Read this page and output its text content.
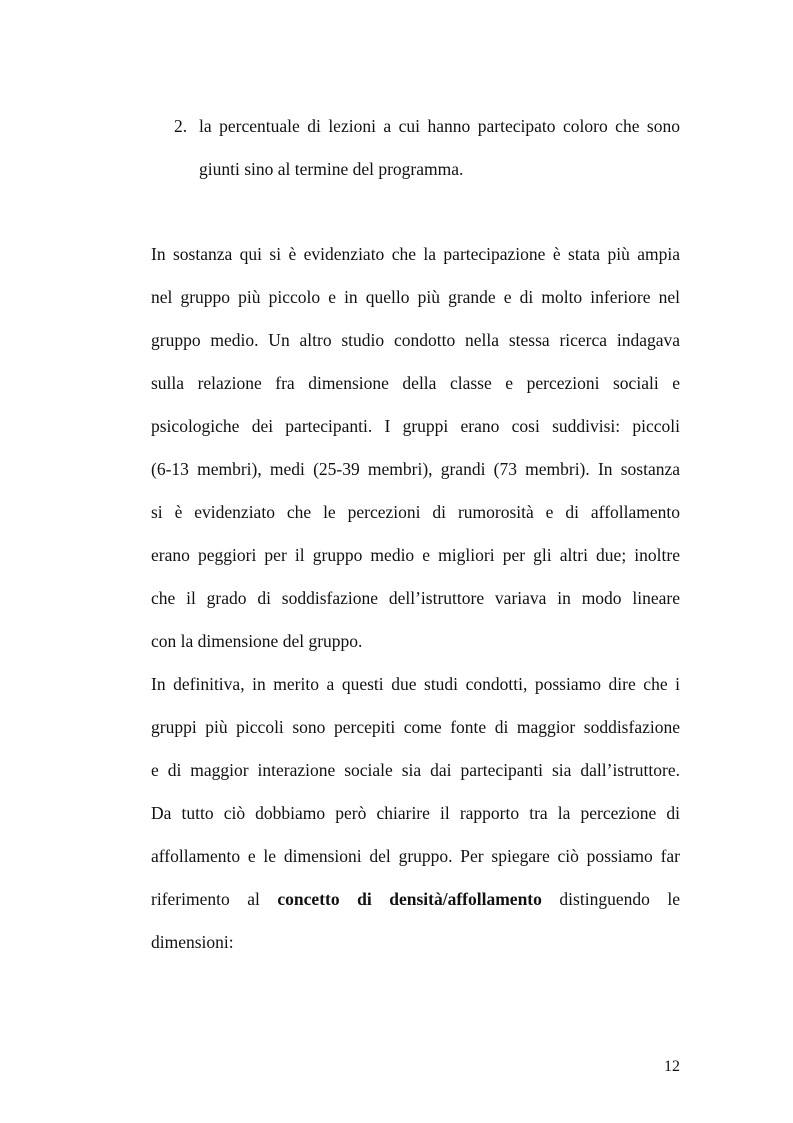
2. la percentuale di lezioni a cui hanno partecipato coloro che sono
giunti sino al termine del programma.
In sostanza qui si è evidenziato che la partecipazione è stata più ampia
nel gruppo più piccolo e in quello più grande e di molto inferiore nel
gruppo medio. Un altro studio condotto nella stessa ricerca indagava
sulla relazione fra dimensione della classe e percezioni sociali e
psicologiche dei partecipanti. I gruppi erano cosi suddivisi: piccoli
(6-13 membri), medi (25-39 membri), grandi (73 membri). In sostanza
si è evidenziato che le percezioni di rumorosità e di affollamento
erano peggiori per il gruppo medio e migliori per gli altri due; inoltre
che il grado di soddisfazione dell’istruttore variava in modo lineare
con la dimensione del gruppo.
In definitiva, in merito a questi due studi condotti, possiamo dire che i
gruppi più piccoli sono percepiti come fonte di maggior soddisfazione
e di maggior interazione sociale sia dai partecipanti sia dall’istruttore.
Da tutto ciò dobbiamo però chiarire il rapporto tra la percezione di
affollamento e le dimensioni del gruppo. Per spiegare ciò possiamo far
riferimento al concetto di densità/affollamento distinguendo le
dimensioni:
12
